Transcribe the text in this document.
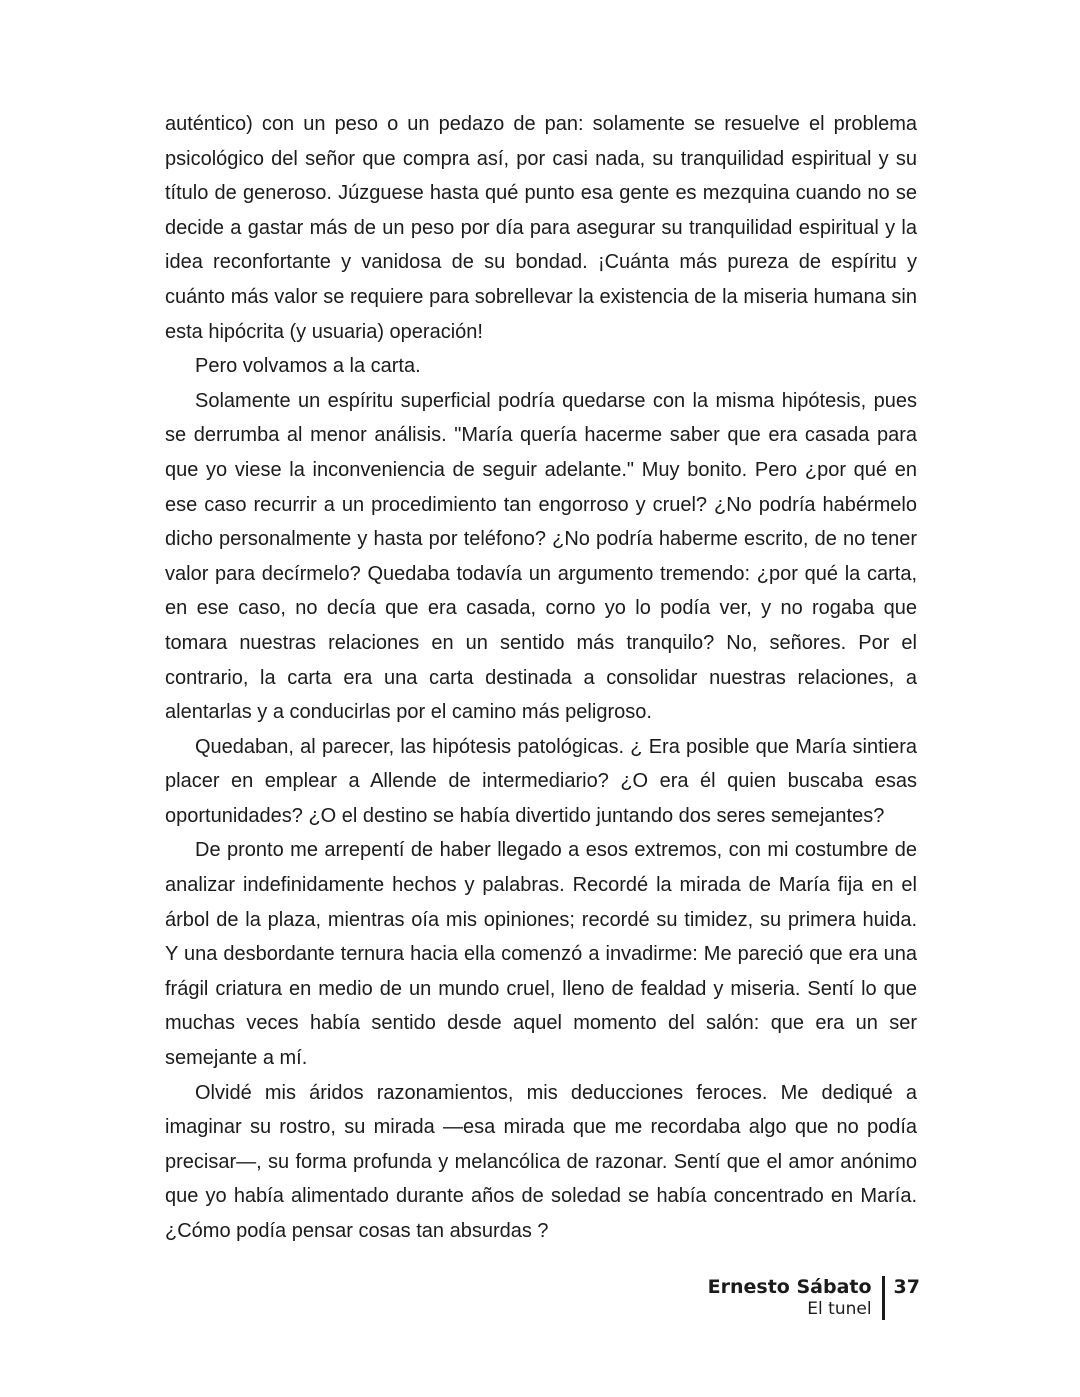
auténtico) con un peso o un pedazo de pan: solamente se resuelve el problema psicológico del señor que compra así, por casi nada, su tranquilidad espiritual y su título de generoso. Júzguese hasta qué punto esa gente es mezquina cuando no se decide a gastar más de un peso por día para asegurar su tranquilidad espiritual y la idea reconfortante y vanidosa de su bondad. ¡Cuánta más pureza de espíritu y cuánto más valor se requiere para sobrellevar la existencia de la miseria humana sin esta hipócrita (y usuaria) operación!

Pero volvamos a la carta.

Solamente un espíritu superficial podría quedarse con la misma hipótesis, pues se derrumba al menor análisis. "María quería hacerme saber que era casada para que yo viese la inconveniencia de seguir adelante." Muy bonito. Pero ¿por qué en ese caso recurrir a un procedimiento tan engorroso y cruel? ¿No podría habérmelo dicho personalmente y hasta por teléfono? ¿No podría haberme escrito, de no tener valor para decírmelo? Quedaba todavía un argumento tremendo: ¿por qué la carta, en ese caso, no decía que era casada, corno yo lo podía ver, y no rogaba que tomara nuestras relaciones en un sentido más tranquilo? No, señores. Por el contrario, la carta era una carta destinada a consolidar nuestras relaciones, a alentarlas y a conducirlas por el camino más peligroso.

Quedaban, al parecer, las hipótesis patológicas. ¿ Era posible que María sintiera placer en emplear a Allende de intermediario? ¿O era él quien buscaba esas oportunidades? ¿O el destino se había divertido juntando dos seres semejantes?

De pronto me arrepentí de haber llegado a esos extremos, con mi costumbre de analizar indefinidamente hechos y palabras. Recordé la mirada de María fija en el árbol de la plaza, mientras oía mis opiniones; recordé su timidez, su primera huida. Y una desbordante ternura hacia ella comenzó a invadirme: Me pareció que era una frágil criatura en medio de un mundo cruel, lleno de fealdad y miseria. Sentí lo que muchas veces había sentido desde aquel momento del salón: que era un ser semejante a mí.

Olvidé mis áridos razonamientos, mis deducciones feroces. Me dediqué a imaginar su rostro, su mirada —esa mirada que me recordaba algo que no podía precisar—, su forma profunda y melancólica de razonar. Sentí que el amor anónimo que yo había alimentado durante años de soledad se había concentrado en María. ¿Cómo podía pensar cosas tan absurdas ?

Ernesto Sábato
El tunel
37
